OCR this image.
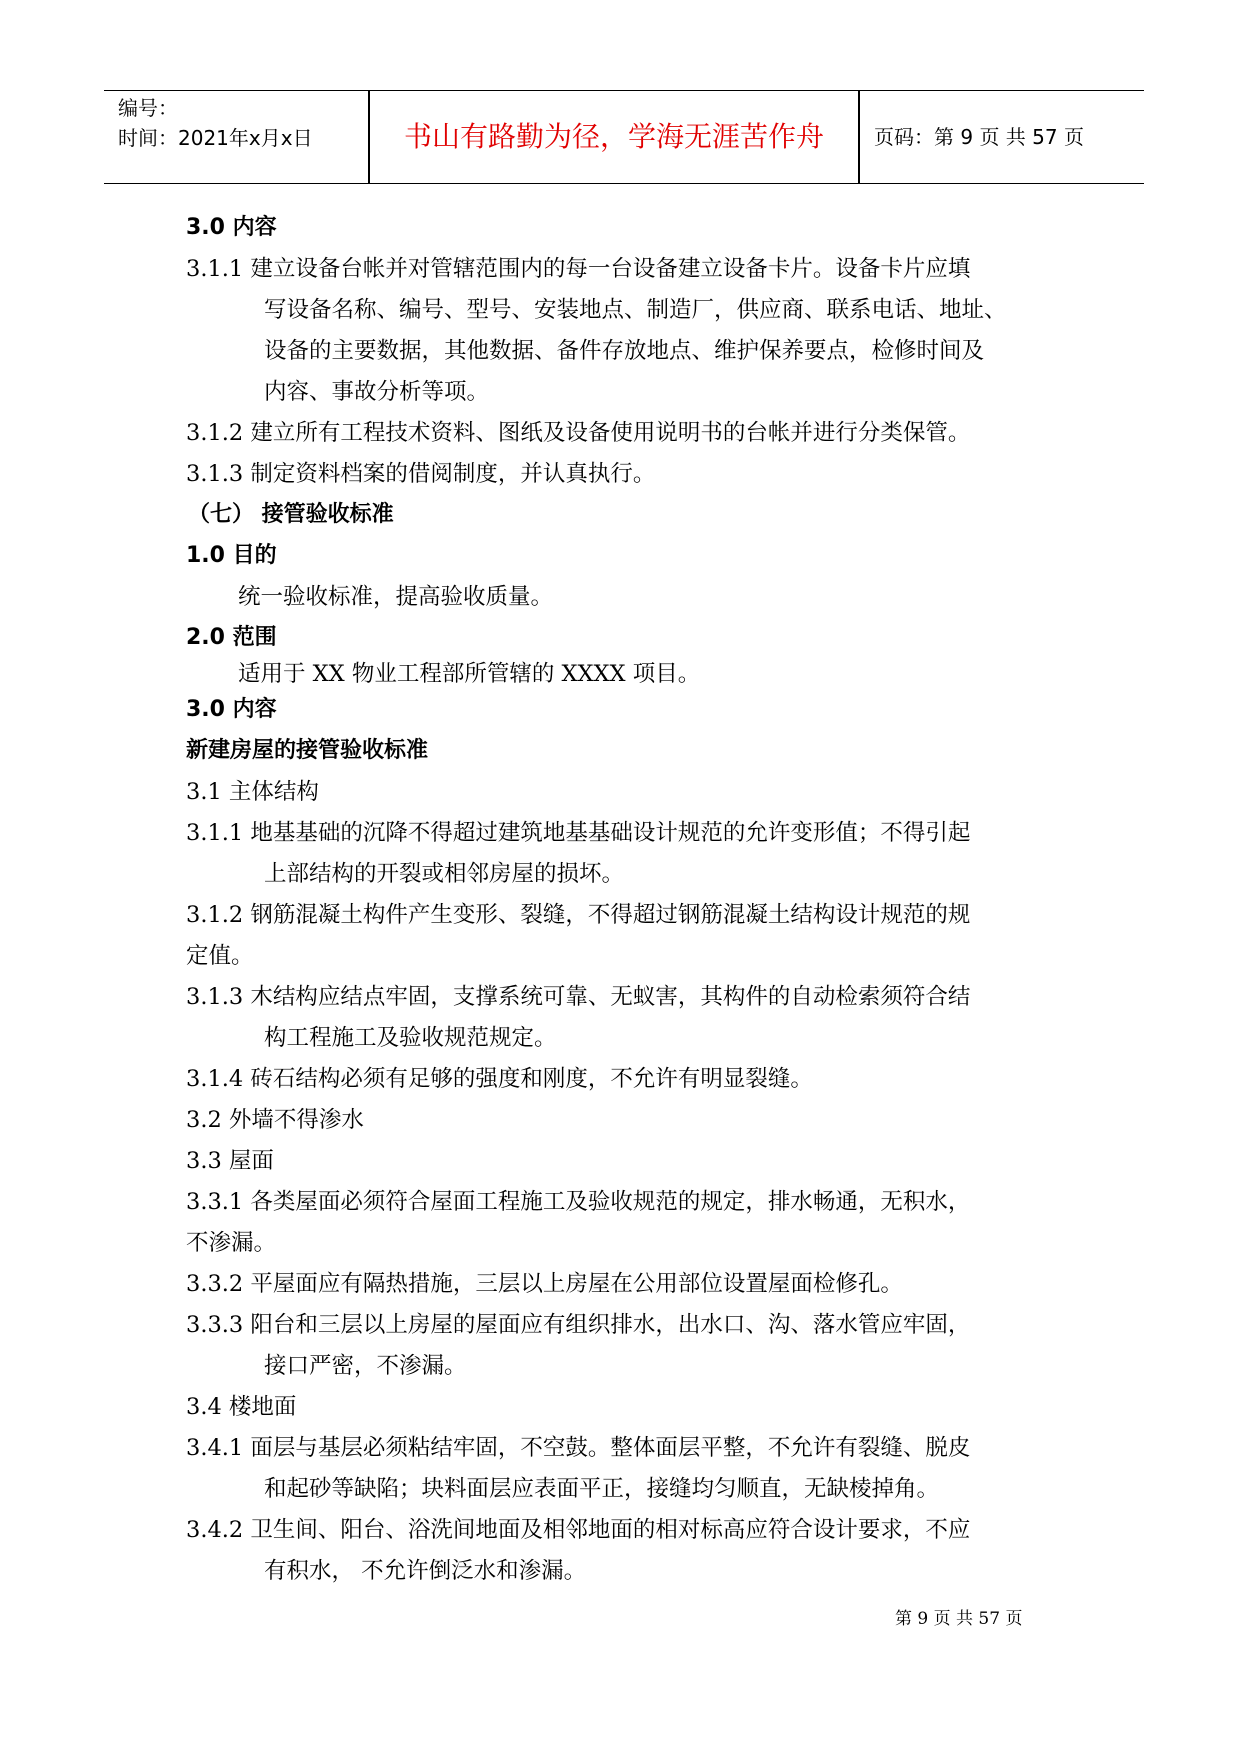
编号：
时间：2021年x月x日	书山有路勤为径，学海无涯苦作舟	页码：第 9 页 共 57 页
3.0 内容
3.1.1 建立设备台帐并对管辖范围内的每一台设备建立设备卡片。设备卡片应填
写设备名称、编号、型号、安装地点、制造厂，供应商、联系电话、地址、
设备的主要数据，其他数据、备件存放地点、维护保养要点，检修时间及
内容、事故分析等项。
3.1.2 建立所有工程技术资料、图纸及设备使用说明书的台帐并进行分类保管。
3.1.3 制定资料档案的借阅制度，并认真执行。
（七） 接管验收标准
1.0 目的
统一验收标准，提高验收质量。
2.0 范围
适用于 XX 物业工程部所管辖的 XXXX 项目。
3.0 内容
新建房屋的接管验收标准
3.1 主体结构
3.1.1 地基基础的沉降不得超过建筑地基基础设计规范的允许变形值；不得引起
上部结构的开裂或相邻房屋的损坏。
3.1.2 钢筋混凝土构件产生变形、裂缝，不得超过钢筋混凝土结构设计规范的规
定值。
3.1.3 木结构应结点牢固，支撑系统可靠、无蚁害，其构件的自动检索须符合结
构工程施工及验收规范规定。
3.1.4 砖石结构必须有足够的强度和刚度，不允许有明显裂缝。
3.2 外墙不得渗水
3.3 屋面
3.3.1 各类屋面必须符合屋面工程施工及验收规范的规定，排水畅通，无积水，
不渗漏。
3.3.2 平屋面应有隔热措施，三层以上房屋在公用部位设置屋面检修孔。
3.3.3 阳台和三层以上房屋的屋面应有组织排水，出水口、沟、落水管应牢固，
接口严密，不渗漏。
3.4 楼地面
3.4.1 面层与基层必须粘结牢固，不空鼓。整体面层平整，不允许有裂缝、脱皮
和起砂等缺陷；块料面层应表面平正，接缝均匀顺直，无缺棱掉角。
3.4.2 卫生间、阳台、浴洗间地面及相邻地面的相对标高应符合设计要求，不应
有积水， 不允许倒泛水和渗漏。
第 9 页 共 57 页
